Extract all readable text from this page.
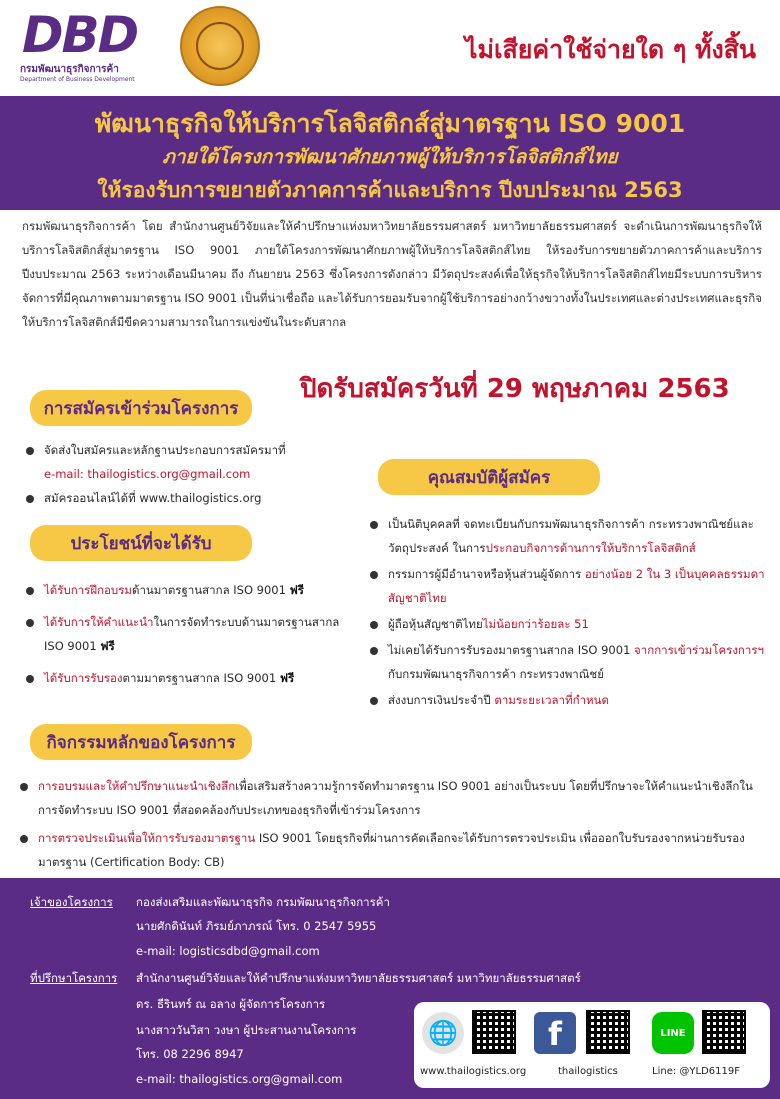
DBD
กรมพัฒนาธุรกิจการค้า
Department of Business Development
ไม่เสียค่าใช้จ่ายใด ๆ ทั้งสิ้น
พัฒนาธุรกิจให้บริการโลจิสติกส์สู่มาตรฐาน ISO 9001
ภายใต้โครงการพัฒนาศักยภาพผู้ให้บริการโลจิสติกส์ไทย
ให้รองรับการขยายตัวภาคการค้าและบริการ ปีงบประมาณ 2563
กรมพัฒนาธุรกิจการค้า โดย สำนักงานศูนย์วิจัยและให้คำปรึกษาแห่งมหาวิทยาลัยธรรมศาสตร์ มหาวิทยาลัยธรรมศาสตร์ จะดำเนินการพัฒนาธุรกิจให้บริการโลจิสติกส์สู่มาตรฐาน ISO 9001 ภายใต้โครงการพัฒนาศักยภาพผู้ให้บริการโลจิสติกส์ไทย ให้รองรับการขยายตัวภาคการค้าและบริการ ปีงบประมาณ 2563 ระหว่างเดือนมีนาคม ถึง กันยายน 2563 ซึ่งโครงการดังกล่าว มีวัตถุประสงค์เพื่อให้ธุรกิจให้บริการโลจิสติกส์ไทยมีระบบการบริหารจัดการที่มีคุณภาพตามมาตรฐาน ISO 9001 เป็นที่น่าเชื่อถือ และได้รับการยอมรับจากผู้ใช้บริการอย่างกว้างขวางทั้งในประเทศและต่างประเทศและธุรกิจให้บริการโลจิสติกส์มีขีดความสามารถในการแข่งขันในระดับสากล
ปิดรับสมัครวันที่ 29 พฤษภาคม 2563
การสมัครเข้าร่วมโครงการ
จัดส่งใบสมัครและหลักฐานประกอบการสมัครมาที่
e-mail: thailogistics.org@gmail.com
สมัครออนไลน์ได้ที่ www.thailogistics.org
ประโยชน์ที่จะได้รับ
ได้รับการฝึกอบรมด้านมาตรฐานสากล ISO 9001 ฟรี
ได้รับการให้คำแนะนำในการจัดทำระบบด้านมาตรฐานสากล ISO 9001 ฟรี
ได้รับการรับรองตามมาตรฐานสากล ISO 9001 ฟรี
คุณสมบัติผู้สมัคร
เป็นนิติบุคคลที่ จดทะเบียนกับกรมพัฒนาธุรกิจการค้า กระทรวงพาณิชย์และวัตถุประสงค์ ในการประกอบกิจการด้านการให้บริการโลจิสติกส์
กรรมการผู้มีอำนาจหรือหุ้นส่วนผู้จัดการ อย่างน้อย 2 ใน 3 เป็นบุคคลธรรมดาสัญชาติไทย
ผู้ถือหุ้นสัญชาติไทยไม่น้อยกว่าร้อยละ 51
ไม่เคยได้รับการรับรองมาตรฐานสากล ISO 9001 จากการเข้าร่วมโครงการฯ กับกรมพัฒนาธุรกิจการค้า กระทรวงพาณิชย์
ส่งงบการเงินประจำปี ตามระยะเวลาที่กำหนด
กิจกรรมหลักของโครงการ
การอบรมและให้คำปรึกษาแนะนำเชิงลึกเพื่อเสริมสร้างความรู้การจัดทำมาตรฐาน ISO 9001 อย่างเป็นระบบ โดยที่ปรึกษาจะให้คำแนะนำเชิงลึกในการจัดทำระบบ ISO 9001 ที่สอดคล้องกับประเภทของธุรกิจที่เข้าร่วมโครงการ
การตรวจประเมินเพื่อให้การรับรองมาตรฐาน ISO 9001 โดยธุรกิจที่ผ่านการคัดเลือกจะได้รับการตรวจประเมิน เพื่อออกใบรับรองจากหน่วยรับรองมาตรฐาน (Certification Body: CB)
เจ้าของโครงการ กองส่งเสริมและพัฒนาธุรกิจ กรมพัฒนาธุรกิจการค้า
นายศักดินันท์ ภิรมย์ภาภรณ์ โทร. 0 2547 5955
e-mail: logisticsdbd@gmail.com
ที่ปรึกษาโครงการ สำนักงานศูนย์วิจัยและให้คำปรึกษาแห่งมหาวิทยาลัยธรรมศาสตร์ มหาวิทยาลัยธรรมศาสตร์
ดร. ธีรินทร์ ณ อลาง ผู้จัดการโครงการ
นางสาววันวิสา วงษา ผู้ประสานงานโครงการ
โทร. 08 2296 8947
e-mail: thailogistics.org@gmail.com
🌐	f	LINE
www.thailogistics.org	thailogistics	Line: @YLD6119F
